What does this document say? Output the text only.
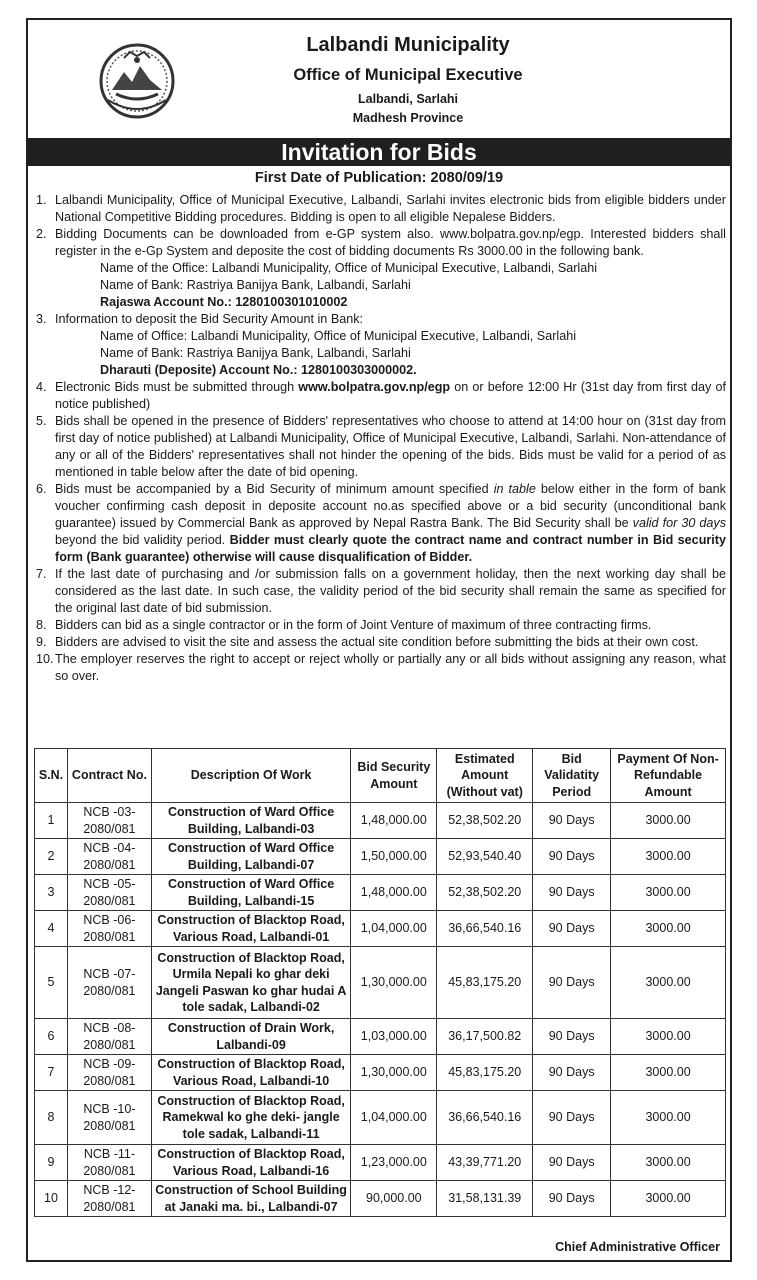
Lalbandi Municipality
Office of Municipal Executive
Lalbandi, Sarlahi
Madhesh Province
Invitation for Bids
First Date of Publication: 2080/09/19
1. Lalbandi Municipality, Office of Municipal Executive, Lalbandi, Sarlahi invites electronic bids from eligible bidders under National Competitive Bidding procedures. Bidding is open to all eligible Nepalese Bidders.
2. Bidding Documents can be downloaded from e-GP system also. www.bolpatra.gov.np/egp. Interested bidders shall register in the e-Gp System and deposite the cost of bidding documents Rs 3000.00 in the following bank.
Name of the Office: Lalbandi Municipality, Office of Municipal Executive, Lalbandi, Sarlahi
Name of Bank: Rastriya Banijya Bank, Lalbandi, Sarlahi
Rajaswa Account No.: 1280100301010002
3. Information to deposit the Bid Security Amount in Bank:
Name of Office: Lalbandi Municipality, Office of Municipal Executive, Lalbandi, Sarlahi
Name of Bank: Rastriya Banijya Bank, Lalbandi, Sarlahi
Dharauti (Deposite) Account No.: 1280100303000002.
4. Electronic Bids must be submitted through www.bolpatra.gov.np/egp on or before 12:00 Hr (31st day from first day of notice published)
5. Bids shall be opened in the presence of Bidders' representatives who choose to attend at 14:00 hour on (31st day from first day of notice published) at Lalbandi Municipality, Office of Municipal Executive, Lalbandi, Sarlahi. Non-attendance of any or all of the Bidders' representatives shall not hinder the opening of the bids. Bids must be valid for a period of as mentioned in table below after the date of bid opening.
6. Bids must be accompanied by a Bid Security of minimum amount specified in table below either in the form of bank voucher confirming cash deposit in deposite account no.as specified above or a bid security (unconditional bank guarantee) issued by Commercial Bank as approved by Nepal Rastra Bank. The Bid Security shall be valid for 30 days beyond the bid validity period. Bidder must clearly quote the contract name and contract number in Bid security form (Bank guarantee) otherwise will cause disqualification of Bidder.
7. If the last date of purchasing and /or submission falls on a government holiday, then the next working day shall be considered as the last date. In such case, the validity period of the bid security shall remain the same as specified for the original last date of bid submission.
8. Bidders can bid as a single contractor or in the form of Joint Venture of maximum of three contracting firms.
9. Bidders are advised to visit the site and assess the actual site condition before submitting the bids at their own cost.
10. The employer reserves the right to accept or reject wholly or partially any or all bids without assigning any reason, what so over.
S.N.	Contract No.	Description Of Work	Bid Security Amount	Estimated Amount (Without vat)	Bid Validatity Period	Payment Of Non-Refundable Amount
1	NCB -03-2080/081	Construction of Ward Office Building, Lalbandi-03	1,48,000.00	52,38,502.20	90 Days	3000.00
2	NCB -04-2080/081	Construction of Ward Office Building, Lalbandi-07	1,50,000.00	52,93,540.40	90 Days	3000.00
3	NCB -05-2080/081	Construction of Ward Office Building, Lalbandi-15	1,48,000.00	52,38,502.20	90 Days	3000.00
4	NCB -06-2080/081	Construction of Blacktop Road, Various Road, Lalbandi-01	1,04,000.00	36,66,540.16	90 Days	3000.00
5	NCB -07-2080/081	Construction of Blacktop Road, Urmila Nepali ko ghar deki Jangeli Paswan ko ghar hudai A tole sadak, Lalbandi-02	1,30,000.00	45,83,175.20	90 Days	3000.00
6	NCB -08-2080/081	Construction of Drain Work, Lalbandi-09	1,03,000.00	36,17,500.82	90 Days	3000.00
7	NCB -09-2080/081	Construction of Blacktop Road, Various Road, Lalbandi-10	1,30,000.00	45,83,175.20	90 Days	3000.00
8	NCB -10-2080/081	Construction of Blacktop Road, Ramekwal ko ghe deki- jangle tole sadak, Lalbandi-11	1,04,000.00	36,66,540.16	90 Days	3000.00
9	NCB -11-2080/081	Construction of Blacktop Road, Various Road, Lalbandi-16	1,23,000.00	43,39,771.20	90 Days	3000.00
10	NCB -12-2080/081	Construction of School Building at Janaki ma. bi., Lalbandi-07	90,000.00	31,58,131.39	90 Days	3000.00
Chief Administrative Officer
